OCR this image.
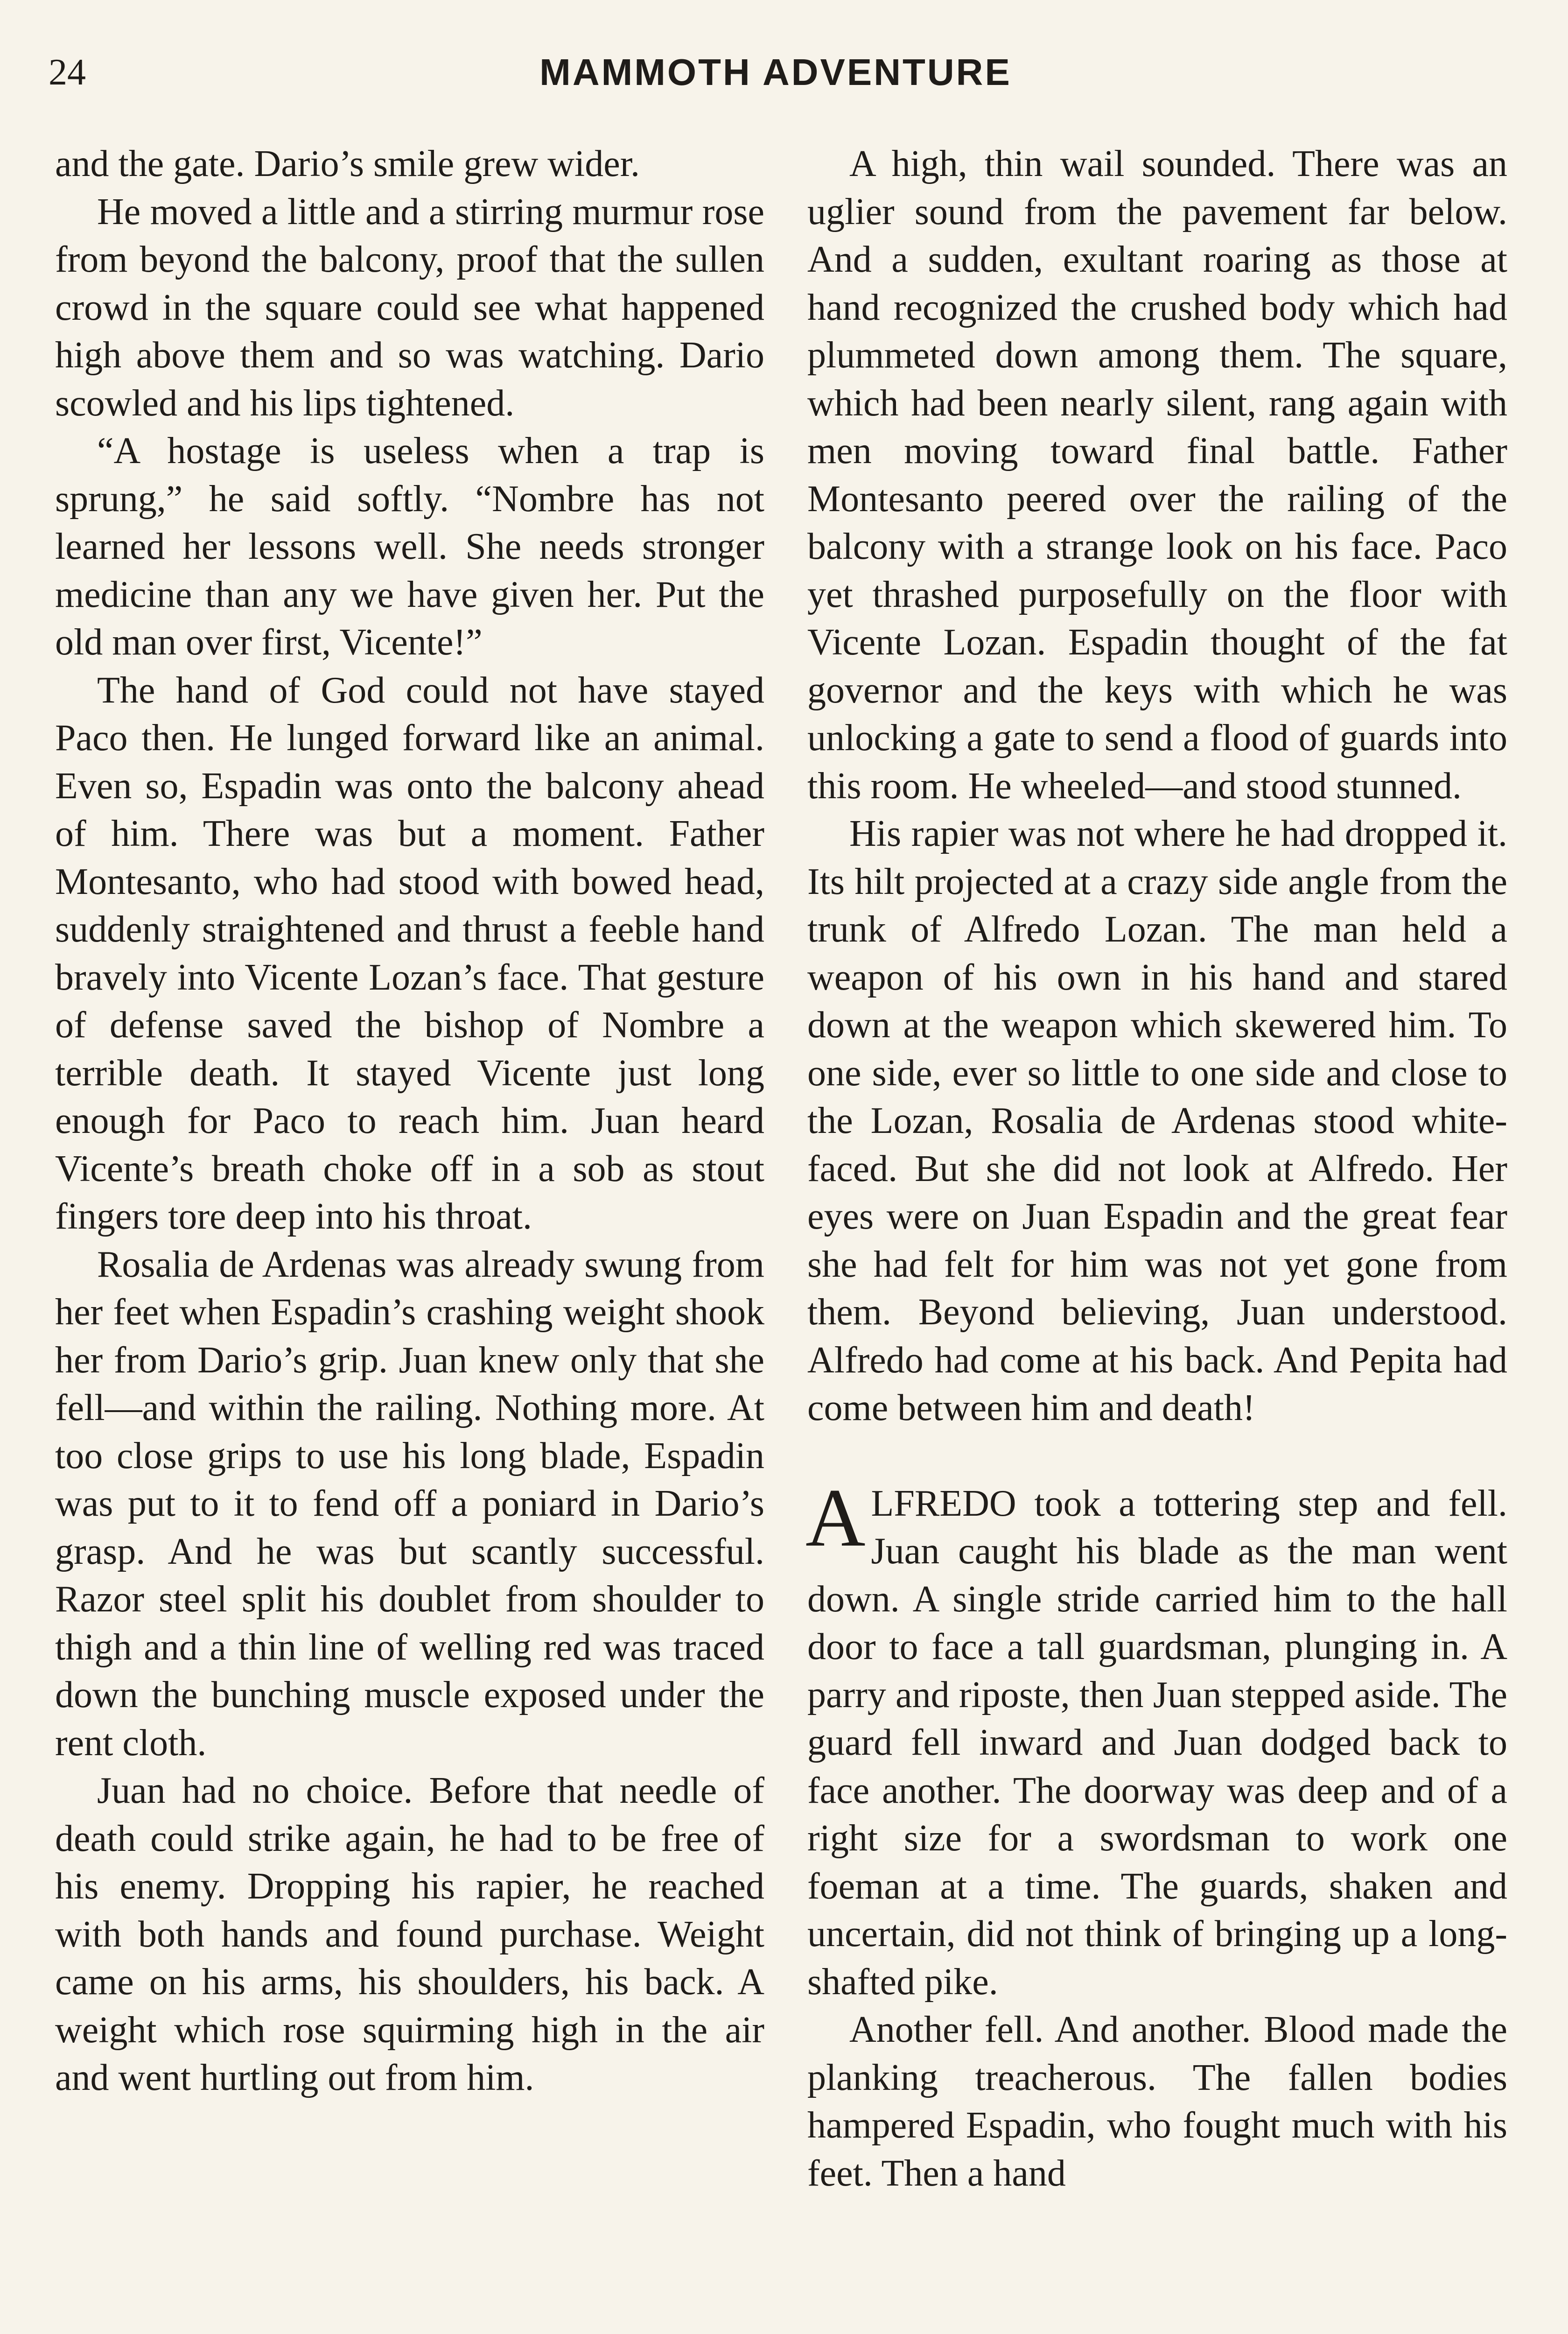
24	MAMMOTH ADVENTURE

and the gate. Dario’s smile grew wider.

He moved a little and a stirring murmur rose from beyond the balcony, proof that the sullen crowd in the square could see what happened high above them and so was watching. Dario scowled and his lips tightened.

“A hostage is useless when a trap is sprung,” he said softly. “Nombre has not learned her lessons well. She needs stronger medicine than any we have given her. Put the old man over first, Vicente!”

The hand of God could not have stayed Paco then. He lunged forward like an animal. Even so, Espadin was onto the balcony ahead of him. There was but a moment. Father Montesanto, who had stood with bowed head, suddenly straightened and thrust a feeble hand bravely into Vicente Lozan’s face. That gesture of defense saved the bishop of Nombre a terrible death. It stayed Vicente just long enough for Paco to reach him. Juan heard Vicente’s breath choke off in a sob as stout fingers tore deep into his throat.

Rosalia de Ardenas was already swung from her feet when Espadin’s crashing weight shook her from Dario’s grip. Juan knew only that she fell—and within the railing. Nothing more. At too close grips to use his long blade, Espadin was put to it to fend off a poniard in Dario’s grasp. And he was but scantly successful. Razor steel split his doublet from shoulder to thigh and a thin line of welling red was traced down the bunching muscle exposed under the rent cloth.

Juan had no choice. Before that needle of death could strike again, he had to be free of his enemy. Dropping his rapier, he reached with both hands and found purchase. Weight came on his arms, his shoulders, his back. A weight which rose squirming high in the air and went hurtling out from him.

A high, thin wail sounded. There was an uglier sound from the pavement far below. And a sudden, exultant roaring as those at hand recognized the crushed body which had plummeted down among them. The square, which had been nearly silent, rang again with men moving toward final battle. Father Montesanto peered over the railing of the balcony with a strange look on his face. Paco yet thrashed purposefully on the floor with Vicente Lozan. Espadin thought of the fat governor and the keys with which he was unlocking a gate to send a flood of guards into this room. He wheeled—and stood stunned.

His rapier was not where he had dropped it. Its hilt projected at a crazy side angle from the trunk of Alfredo Lozan. The man held a weapon of his own in his hand and stared down at the weapon which skewered him. To one side, ever so little to one side and close to the Lozan, Rosalia de Ardenas stood white-faced. But she did not look at Alfredo. Her eyes were on Juan Espadin and the great fear she had felt for him was not yet gone from them. Beyond believing, Juan understood. Alfredo had come at his back. And Pepita had come between him and death!

ALFREDO took a tottering step and fell. Juan caught his blade as the man went down. A single stride carried him to the hall door to face a tall guardsman, plunging in. A parry and riposte, then Juan stepped aside. The guard fell inward and Juan dodged back to face another. The doorway was deep and of a right size for a swordsman to work one foeman at a time. The guards, shaken and uncertain, did not think of bringing up a long-shafted pike.

Another fell. And another. Blood made the planking treacherous. The fallen bodies hampered Espadin, who fought much with his feet. Then a hand
